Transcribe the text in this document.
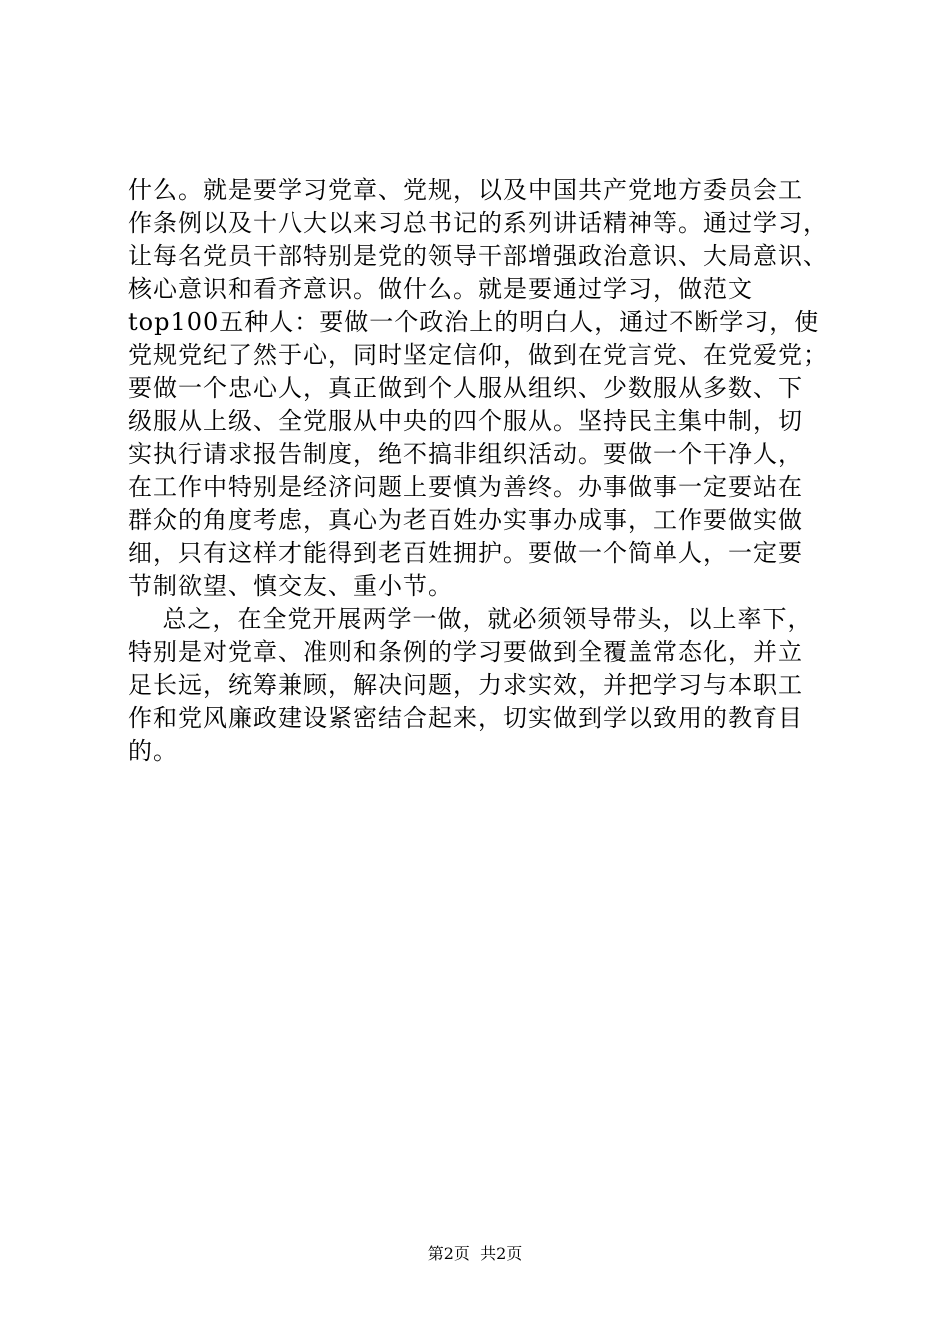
什么。就是要学习党章、党规，以及中国共产党地方委员会工
作条例以及十八大以来习总书记的系列讲话精神等。通过学习，
让每名党员干部特别是党的领导干部增强政治意识、大局意识、
核心意识和看齐意识。做什么。就是要通过学习，做范文
top100五种人：要做一个政治上的明白人，通过不断学习，使
党规党纪了然于心，同时坚定信仰，做到在党言党、在党爱党；
要做一个忠心人，真正做到个人服从组织、少数服从多数、下
级服从上级、全党服从中央的四个服从。坚持民主集中制，切
实执行请求报告制度，绝不搞非组织活动。要做一个干净人，
在工作中特别是经济问题上要慎为善终。办事做事一定要站在
群众的角度考虑，真心为老百姓办实事办成事，工作要做实做
细，只有这样才能得到老百姓拥护。要做一个简单人，一定要
节制欲望、慎交友、重小节。
总之，在全党开展两学一做，就必须领导带头，以上率下，
特别是对党章、准则和条例的学习要做到全覆盖常态化，并立
足长远，统筹兼顾，解决问题，力求实效，并把学习与本职工
作和党风廉政建设紧密结合起来，切实做到学以致用的教育目
的。
第2页  共2页
